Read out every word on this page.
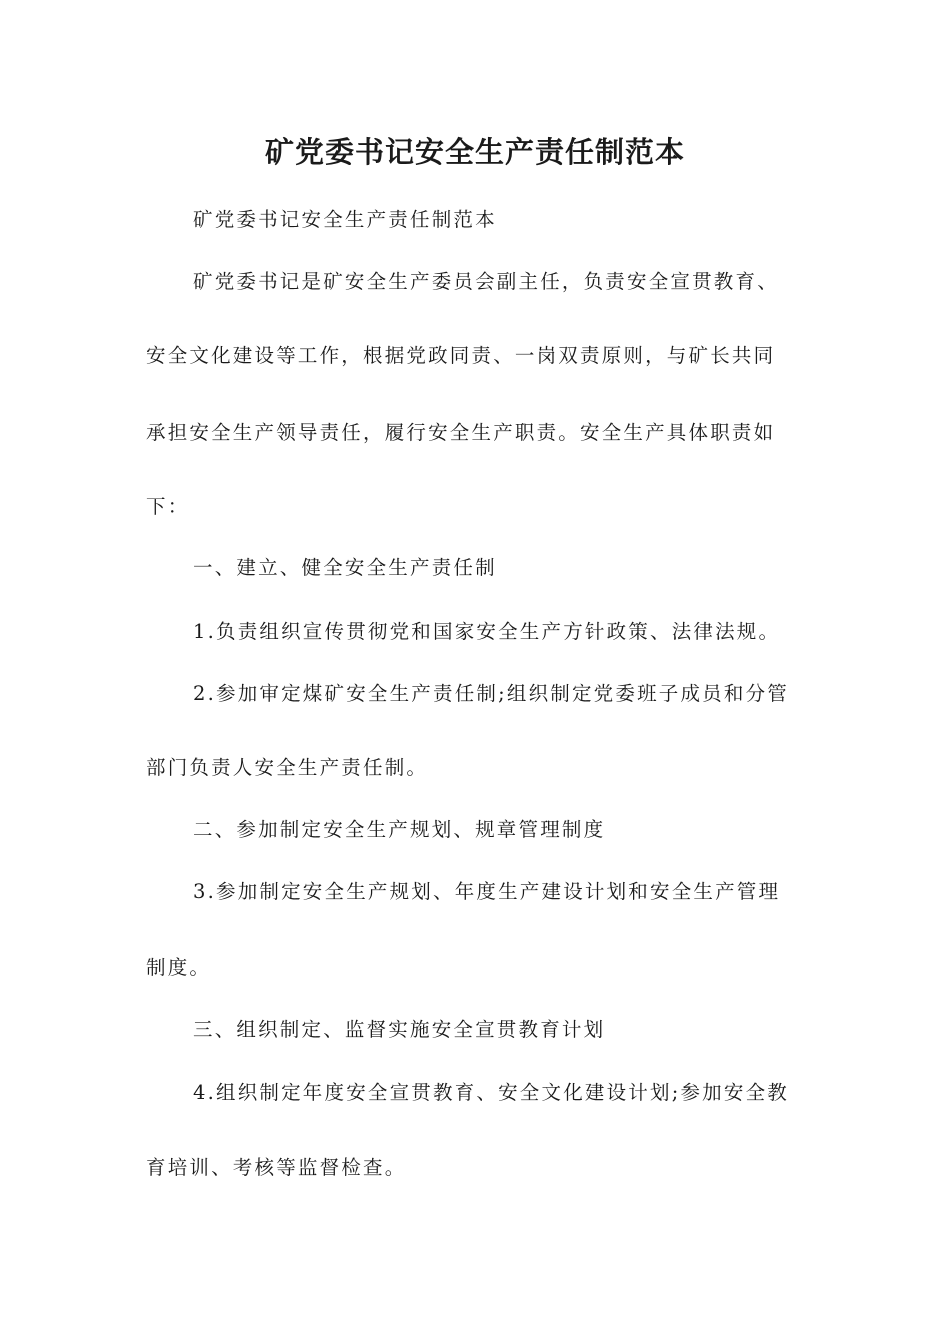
矿党委书记安全生产责任制范本

矿党委书记安全生产责任制范本

矿党委书记是矿安全生产委员会副主任，负责安全宣贯教育、

安全文化建设等工作，根据党政同责、一岗双责原则，与矿长共同

承担安全生产领导责任，履行安全生产职责。安全生产具体职责如

下：

一、建立、健全安全生产责任制

1.负责组织宣传贯彻党和国家安全生产方针政策、法律法规。

2.参加审定煤矿安全生产责任制;组织制定党委班子成员和分管

部门负责人安全生产责任制。

二、参加制定安全生产规划、规章管理制度

3.参加制定安全生产规划、年度生产建设计划和安全生产管理

制度。

三、组织制定、监督实施安全宣贯教育计划

4.组织制定年度安全宣贯教育、安全文化建设计划;参加安全教

育培训、考核等监督检查。
